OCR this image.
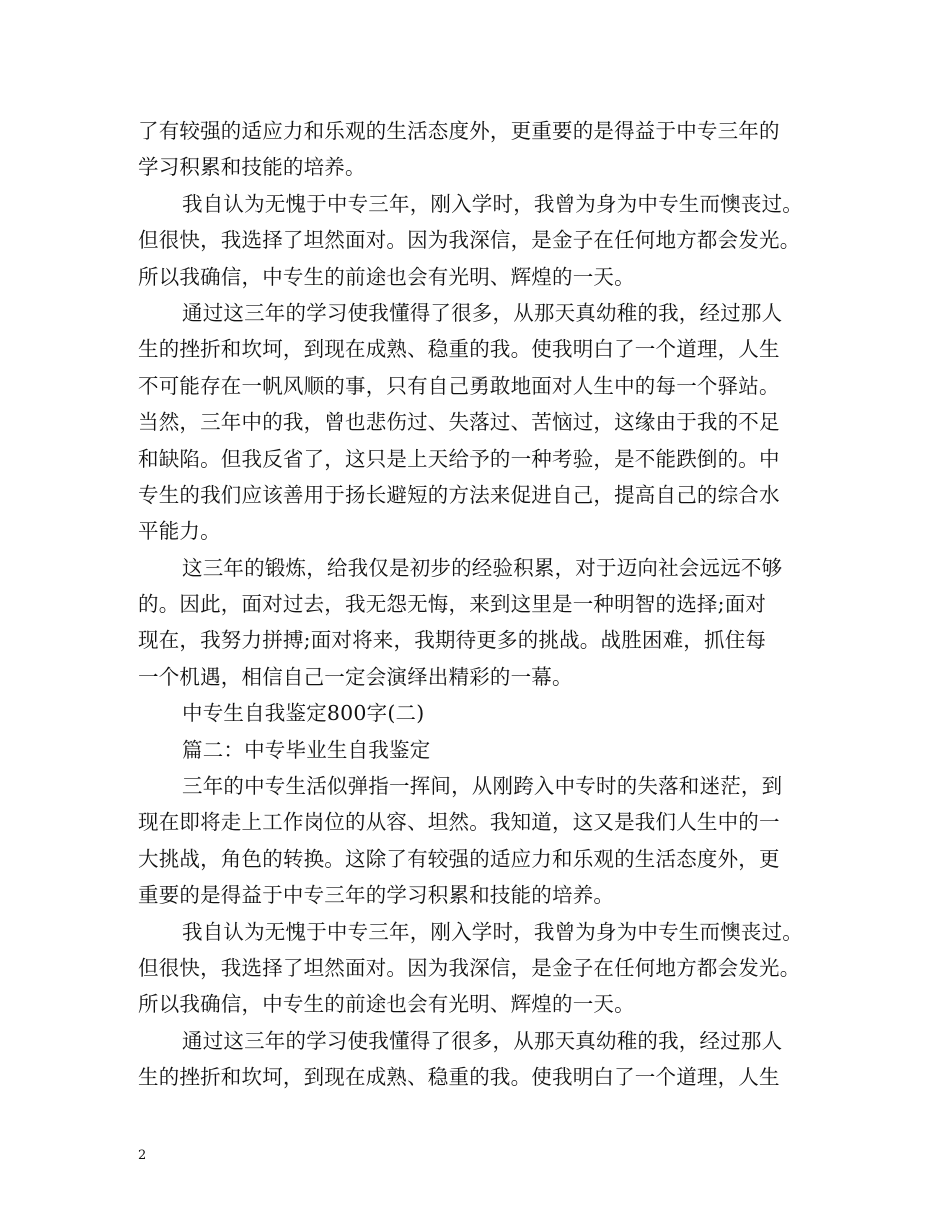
了有较强的适应力和乐观的生活态度外，更重要的是得益于中专三年的
学习积累和技能的培养。
我自认为无愧于中专三年，刚入学时，我曾为身为中专生而懊丧过。
但很快，我选择了坦然面对。因为我深信，是金子在任何地方都会发光。
所以我确信，中专生的前途也会有光明、辉煌的一天。
通过这三年的学习使我懂得了很多，从那天真幼稚的我，经过那人
生的挫折和坎坷，到现在成熟、稳重的我。使我明白了一个道理，人生
不可能存在一帆风顺的事，只有自己勇敢地面对人生中的每一个驿站。
当然，三年中的我，曾也悲伤过、失落过、苦恼过，这缘由于我的不足
和缺陷。但我反省了，这只是上天给予的一种考验，是不能跌倒的。中
专生的我们应该善用于扬长避短的方法来促进自己，提高自己的综合水
平能力。
这三年的锻炼，给我仅是初步的经验积累，对于迈向社会远远不够
的。因此，面对过去，我无怨无悔，来到这里是一种明智的选择;面对
现在，我努力拼搏;面对将来，我期待更多的挑战。战胜困难，抓住每
一个机遇，相信自己一定会演绎出精彩的一幕。
中专生自我鉴定800字(二)
篇二：中专毕业生自我鉴定
三年的中专生活似弹指一挥间，从刚跨入中专时的失落和迷茫，到
现在即将走上工作岗位的从容、坦然。我知道，这又是我们人生中的一
大挑战，角色的转换。这除了有较强的适应力和乐观的生活态度外，更
重要的是得益于中专三年的学习积累和技能的培养。
我自认为无愧于中专三年，刚入学时，我曾为身为中专生而懊丧过。
但很快，我选择了坦然面对。因为我深信，是金子在任何地方都会发光。
所以我确信，中专生的前途也会有光明、辉煌的一天。
通过这三年的学习使我懂得了很多，从那天真幼稚的我，经过那人
生的挫折和坎坷，到现在成熟、稳重的我。使我明白了一个道理，人生
2
